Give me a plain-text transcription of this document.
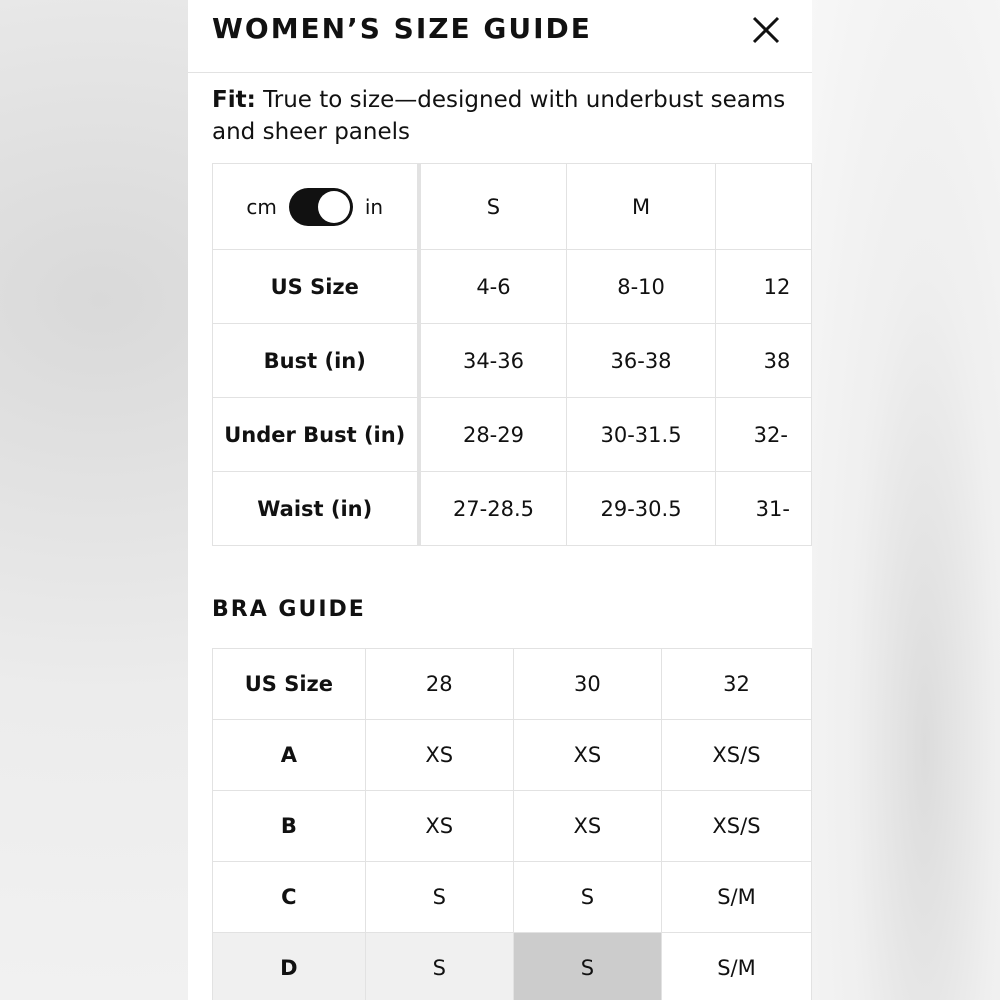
WOMEN’S SIZE GUIDE
Fit: True to size—designed with underbust seams and sheer panels
cm in	S	M	
US Size	4-6	8-10	12
Bust (in)	34-36	36-38	38
Under Bust (in)	28-29	30-31.5	32-
Waist (in)	27-28.5	29-30.5	31-
BRA GUIDE
US Size	28	30	32
A	XS	XS	XS/S
B	XS	XS	XS/S
C	S	S	S/M
D	S	S	S/M
